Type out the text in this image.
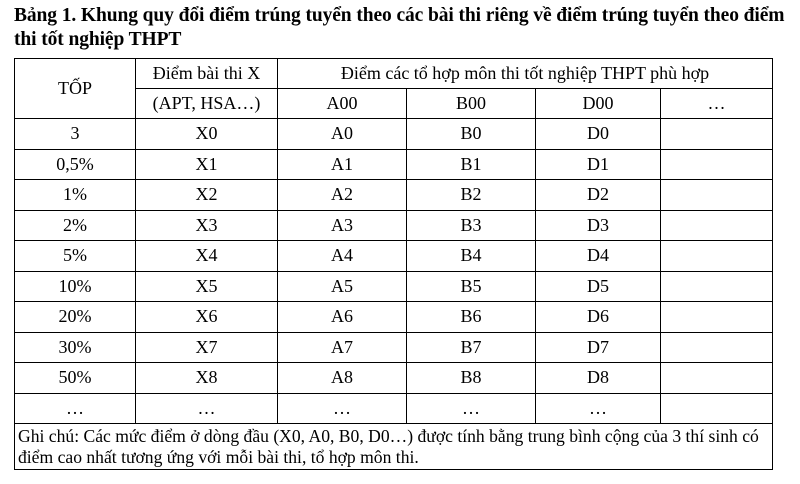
Bảng 1. Khung quy đổi điểm trúng tuyển theo các bài thi riêng về điểm trúng tuyển theo điểm thi tốt nghiệp THPT
TỐP	Điểm bài thi X	Điểm các tổ hợp môn thi tốt nghiệp THPT phù hợp			
	(APT, HSA…)	A00	B00	D00	…
3	X0	A0	B0	D0	
0,5%	X1	A1	B1	D1	
1%	X2	A2	B2	D2	
2%	X3	A3	B3	D3	
5%	X4	A4	B4	D4	
10%	X5	A5	B5	D5	
20%	X6	A6	B6	D6	
30%	X7	A7	B7	D7	
50%	X8	A8	B8	D8	
…	…	…	…	…	
Ghi chú: Các mức điểm ở dòng đầu (X0, A0, B0, D0…) được tính bằng trung bình cộng của 3 thí sinh có điểm cao nhất tương ứng với mỗi bài thi, tổ hợp môn thi.					
